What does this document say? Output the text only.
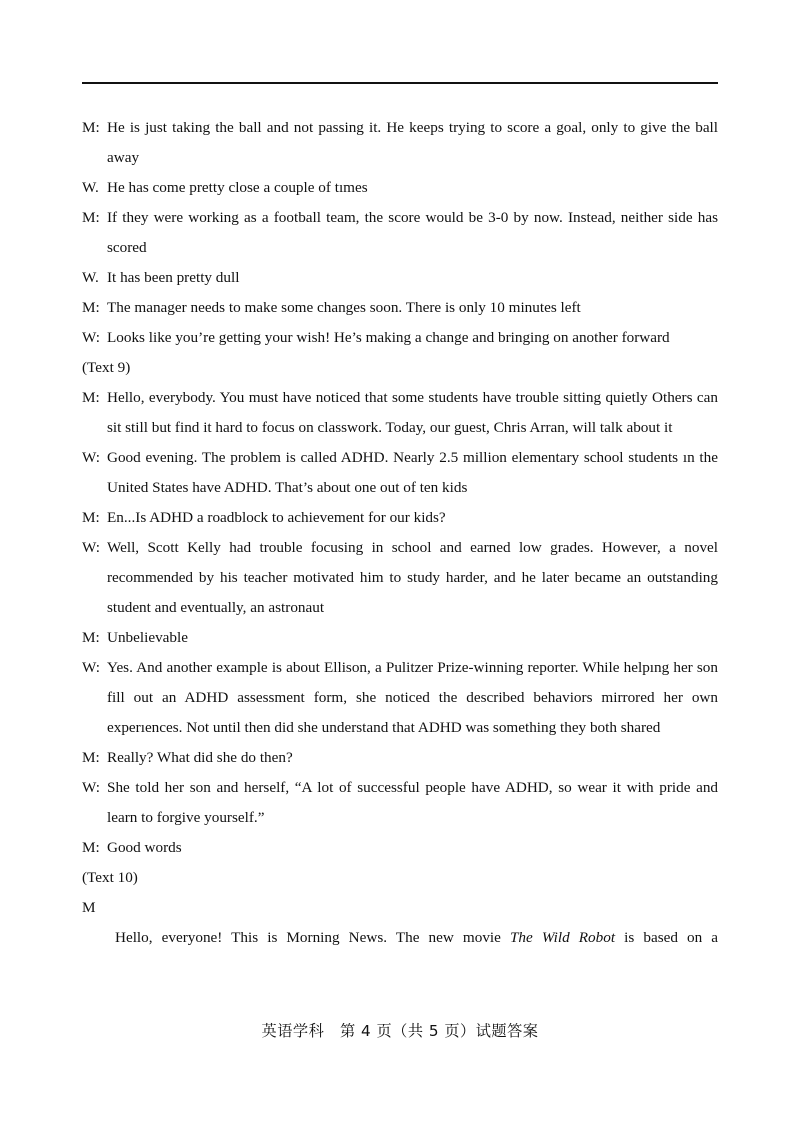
M: He is just taking the ball and not passing it. He keeps trying to score a goal, only to give the ball away
W. He has come pretty close a couple of tımes
M: If they were working as a football team, the score would be 3-0 by now. Instead, neither side has scored
W. It has been pretty dull
M: The manager needs to make some changes soon. There is only 10 minutes left
W: Looks like you’re getting your wish! He’s making a change and bringing on another forward
(Text 9)
M: Hello, everybody. You must have noticed that some students have trouble sitting quietly Others can sit still but find it hard to focus on classwork. Today, our guest, Chris Arran, will talk about it
W: Good evening. The problem is called ADHD. Nearly 2.5 million elementary school students ın the United States have ADHD. That’s about one out of ten kids
M: En...Is ADHD a roadblock to achievement for our kids?
W: Well, Scott Kelly had trouble focusing in school and earned low grades. However, a novel recommended by his teacher motivated him to study harder, and he later became an outstanding student and eventually, an astronaut
M: Unbelievable
W: Yes. And another example is about Ellison, a Pulitzer Prize-winning reporter. While helpıng her son fill out an ADHD assessment form, she noticed the described behaviors mirrored her own experıences. Not until then did she understand that ADHD was something they both shared
M: Really? What did she do then?
W: She told her son and herself, “A lot of successful people have ADHD, so wear it with pride and learn to forgive yourself.”
M: Good words
(Text 10)
M
Hello, everyone! This is Morning News. The new movie The Wild Robot is based on a
英语学科　第 4 页（共 5 页）试题答案
